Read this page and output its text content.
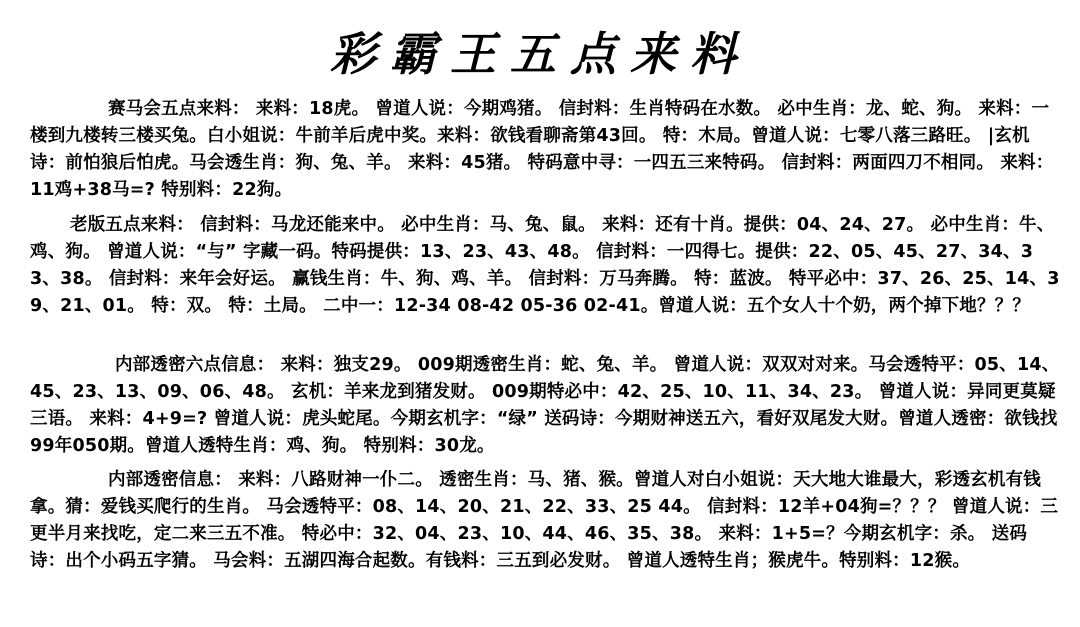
彩霸王五点来料
赛马会五点来料： 来料：18虎。 曾道人说：今期鸡猪。 信封料：生肖特码在水数。 必中生肖：龙、蛇、狗。 来料：一楼到九楼转三楼买兔。白小姐说：牛前羊后虎中奖。来料：欲钱看聊斋第43回。 特：木局。曾道人说：七零八落三路旺。 |玄机诗：前怕狼后怕虎。马会透生肖：狗、兔、羊。 来料：45猪。 特码意中寻：一四五三来特码。 信封料：两面四刀不相同。 来料：11鸡+38马=? 特别料：22狗。
老版五点来料： 信封料：马龙还能来中。 必中生肖：马、兔、鼠。 来料：还有十肖。提供：04、24、27。 必中生肖：牛、鸡、狗。 曾道人说：“与” 字藏一码。特码提供：13、23、43、48。 信封料：一四得七。提供：22、05、45、27、34、33、38。 信封料：来年会好运。 赢钱生肖：牛、狗、鸡、羊。 信封料：万马奔腾。 特：蓝波。 特平必中：37、26、25、14、39、21、01。 特：双。 特：土局。 二中一：12-34 08-42 05-36 02-41。曾道人说：五个女人十个奶，两个掉下地？？？
内部透密六点信息： 来料：独支29。 009期透密生肖：蛇、兔、羊。 曾道人说：双双对对来。马会透特平：05、14、45、23、13、09、06、48。 玄机：羊来龙到猪发财。 009期特必中：42、25、10、11、34、23。 曾道人说：异同更莫疑三语。 来料：4+9=? 曾道人说：虎头蛇尾。今期玄机字：“绿” 送码诗：今期财神送五六，看好双尾发大财。曾道人透密：欲钱找99年050期。曾道人透特生肖：鸡、狗。 特别料：30龙。
内部透密信息： 来料：八路财神一仆二。 透密生肖：马、猪、猴。曾道人对白小姐说：天大地大谁最大，彩透玄机有钱拿。猜：爱钱买爬行的生肖。 马会透特平：08、14、20、21、22、33、25 44。 信封料：12羊+04狗=？？？ 曾道人说：三更半月来找吃，定二来三五不准。 特必中：32、04、23、10、44、46、35、38。 来料：1+5=？今期玄机字：杀。 送码诗：出个小码五字猜。 马会料：五湖四海合起数。有钱料：三五到必发财。 曾道人透特生肖；猴虎牛。特别料：12猴。
